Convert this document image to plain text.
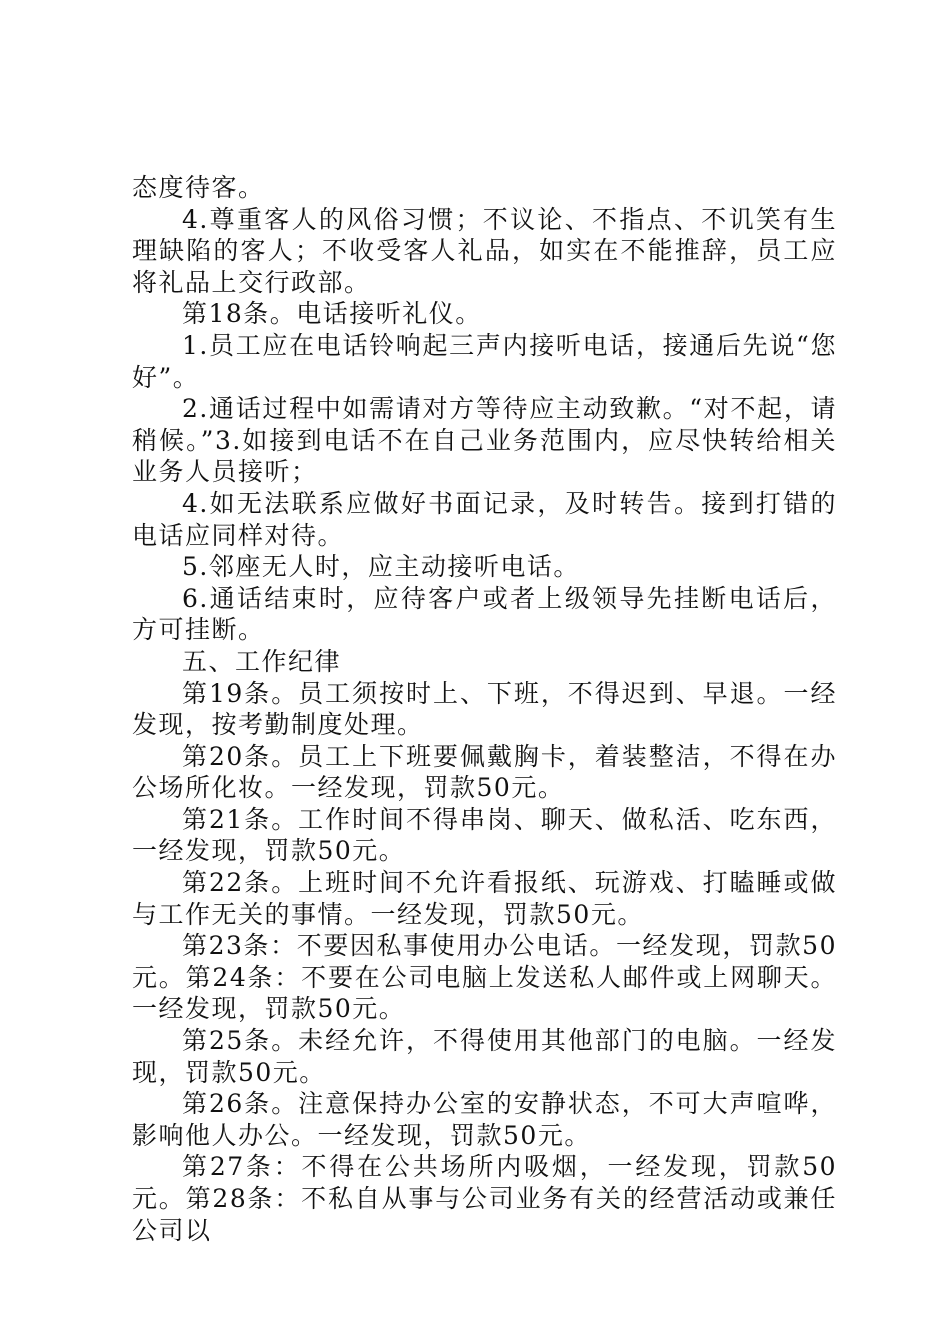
态度待客。

4.尊重客人的风俗习惯；不议论、不指点、不讥笑有生理缺陷的客人；不收受客人礼品，如实在不能推辞，员工应将礼品上交行政部。

第18条。电话接听礼仪。

1.员工应在电话铃响起三声内接听电话，接通后先说“您好”。

2.通话过程中如需请对方等待应主动致歉。“对不起，请稍候。”3.如接到电话不在自己业务范围内，应尽快转给相关业务人员接听；

4.如无法联系应做好书面记录，及时转告。接到打错的电话应同样对待。

5.邻座无人时，应主动接听电话。

6.通话结束时，应待客户或者上级领导先挂断电话后，方可挂断。

五、工作纪律

第19条。员工须按时上、下班，不得迟到、早退。一经发现，按考勤制度处理。

第20条。员工上下班要佩戴胸卡，着装整洁，不得在办公场所化妆。一经发现，罚款50元。

第21条。工作时间不得串岗、聊天、做私活、吃东西，一经发现，罚款50元。

第22条。上班时间不允许看报纸、玩游戏、打瞌睡或做与工作无关的事情。一经发现，罚款50元。

第23条：不要因私事使用办公电话。一经发现，罚款50元。第24条：不要在公司电脑上发送私人邮件或上网聊天。一经发现，罚款50元。

第25条。未经允许，不得使用其他部门的电脑。一经发现，罚款50元。

第26条。注意保持办公室的安静状态，不可大声喧哗，影响他人办公。一经发现，罚款50元。

第27条：不得在公共场所内吸烟，一经发现，罚款50元。第28条：不私自从事与公司业务有关的经营活动或兼任公司以
